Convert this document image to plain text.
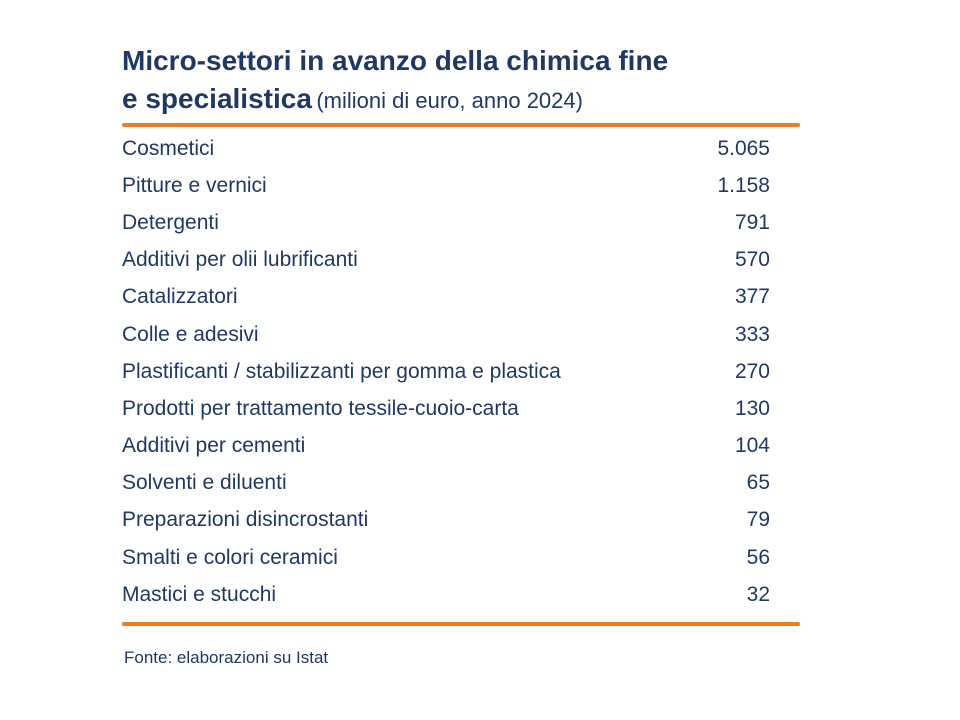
Micro-settori in avanzo della chimica fine
e specialistica (milioni di euro, anno 2024)
Cosmetici	5.065
Pitture e vernici	1.158
Detergenti	791
Additivi per olii lubrificanti	570
Catalizzatori	377
Colle e adesivi	333
Plastificanti / stabilizzanti per gomma e plastica	270
Prodotti per trattamento tessile-cuoio-carta	130
Additivi per cementi	104
Solventi e diluenti	65
Preparazioni disincrostanti	79
Smalti e colori ceramici	56
Mastici e stucchi	32
Fonte: elaborazioni su Istat
